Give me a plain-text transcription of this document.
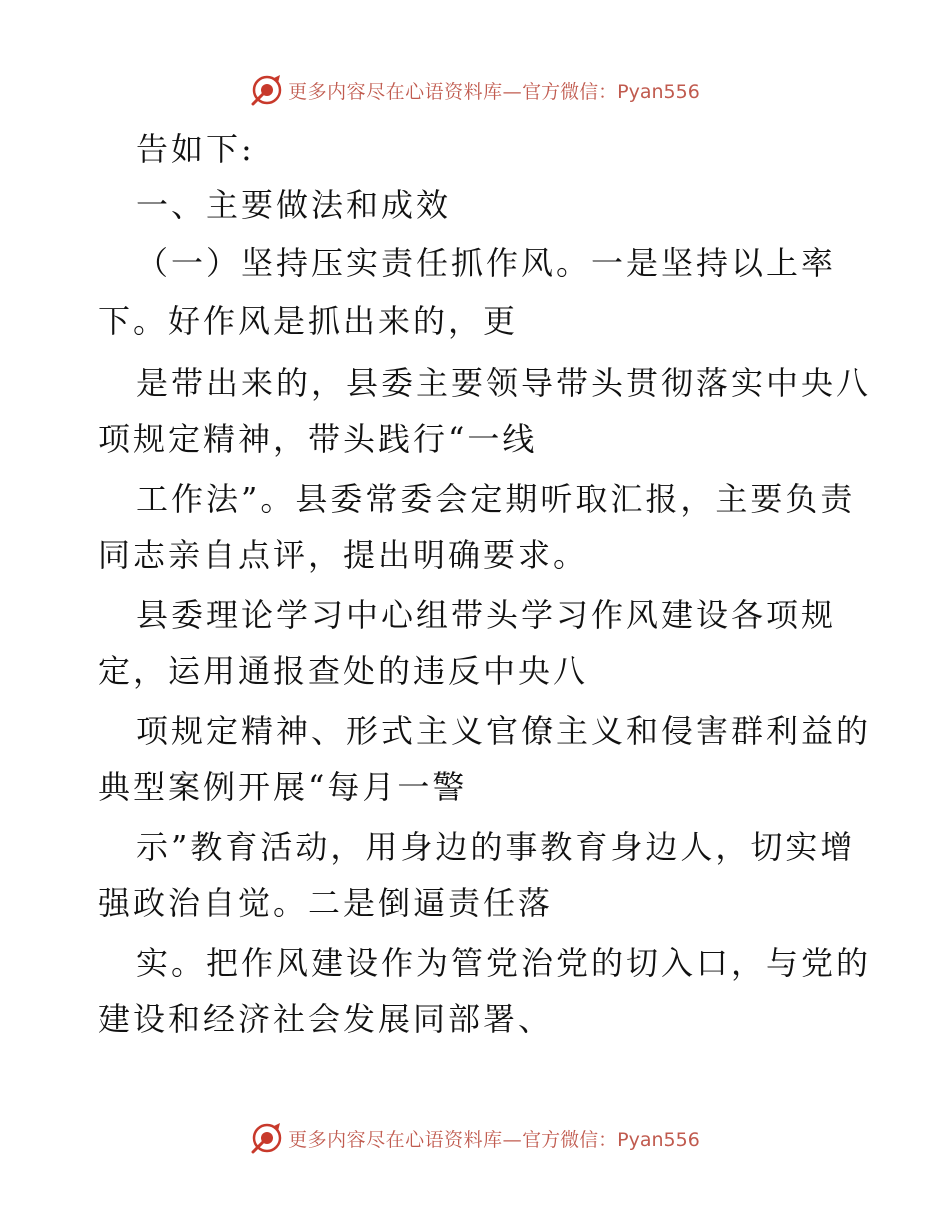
更多内容尽在心语资料库— 官方微信：Pyan556
告如下:
一、主要做法和成效
（一）坚持压实责任抓作风。一是坚持以上率
下。好作风是抓出来的，更
是带出来的，县委主要领导带头贯彻落实中央八
项规定精神，带头践行“一线
工作法”。县委常委会定期听取汇报，主要负责
同志亲自点评，提出明确要求。
县委理论学习中心组带头学习作风建设各项规
定，运用通报查处的违反中央八
项规定精神、形式主义官僚主义和侵害群利益的
典型案例开展“每月一警
示”教育活动，用身边的事教育身边人，切实增
强政治自觉。二是倒逼责任落
实。把作风建设作为管党治党的切入口，与党的
建设和经济社会发展同部署、
更多内容尽在心语资料库— 官方微信：Pyan556
